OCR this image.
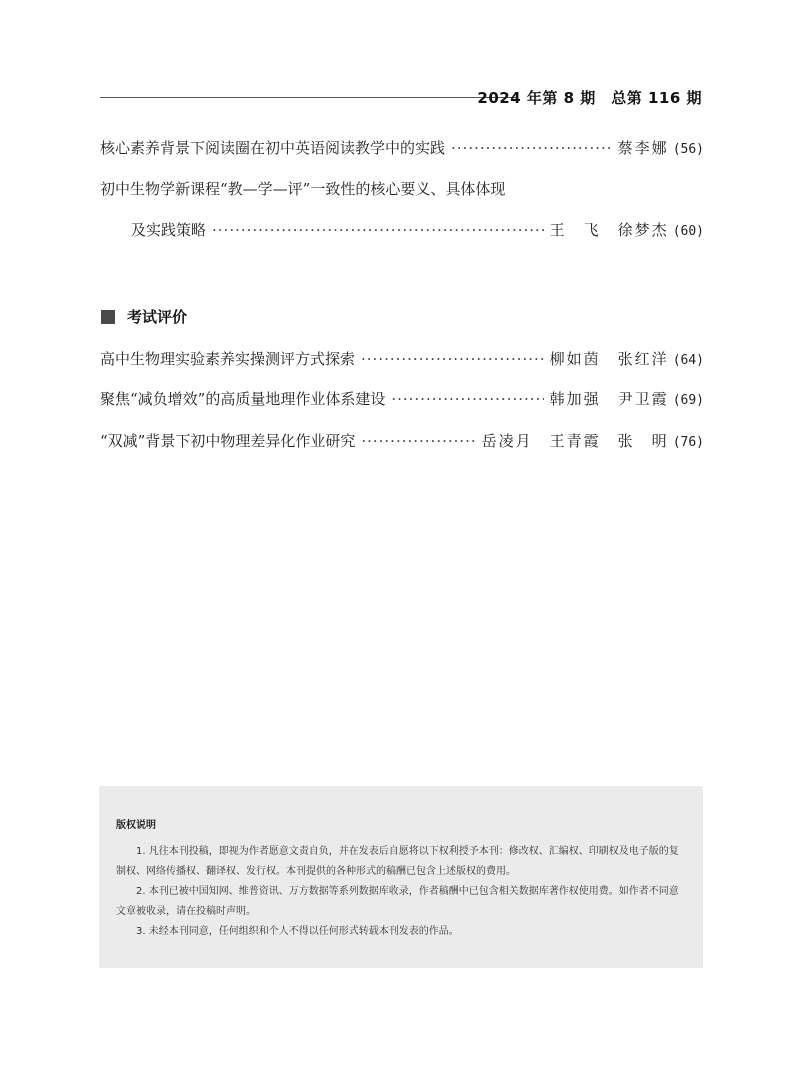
2024 年第 8 期　总第 116 期
核心素养背景下阅读圈在初中英语阅读教学中的实践 ·····	蔡李娜 (56)
初中生物学新课程“教—学—评”一致性的核心要义、具体体现
及实践策略 ·····	王　飞　徐梦杰 (60)
考试评价
高中生物理实验素养实操测评方式探索 ·····	柳如茵　张红洋 (64)
聚焦“减负增效”的高质量地理作业体系建设 ·····	韩加强　尹卫霞 (69)
“双减”背景下初中物理差异化作业研究 ·····	岳凌月　王青霞　张　明 (76)
版权说明

1. 凡往本刊投稿，即视为作者愿意文责自负，并在发表后自愿将以下权利授予本刊：修改权、汇编权、印刷权及电子版的复制权、网络传播权、翻译权、发行权。本刊提供的各种形式的稿酬已包含上述版权的费用。

2. 本刊已被中国知网、维普资讯、万方数据等系列数据库收录，作者稿酬中已包含相关数据库著作权使用费。如作者不同意文章被收录，请在投稿时声明。

3. 未经本刊同意，任何组织和个人不得以任何形式转载本刊发表的作品。
